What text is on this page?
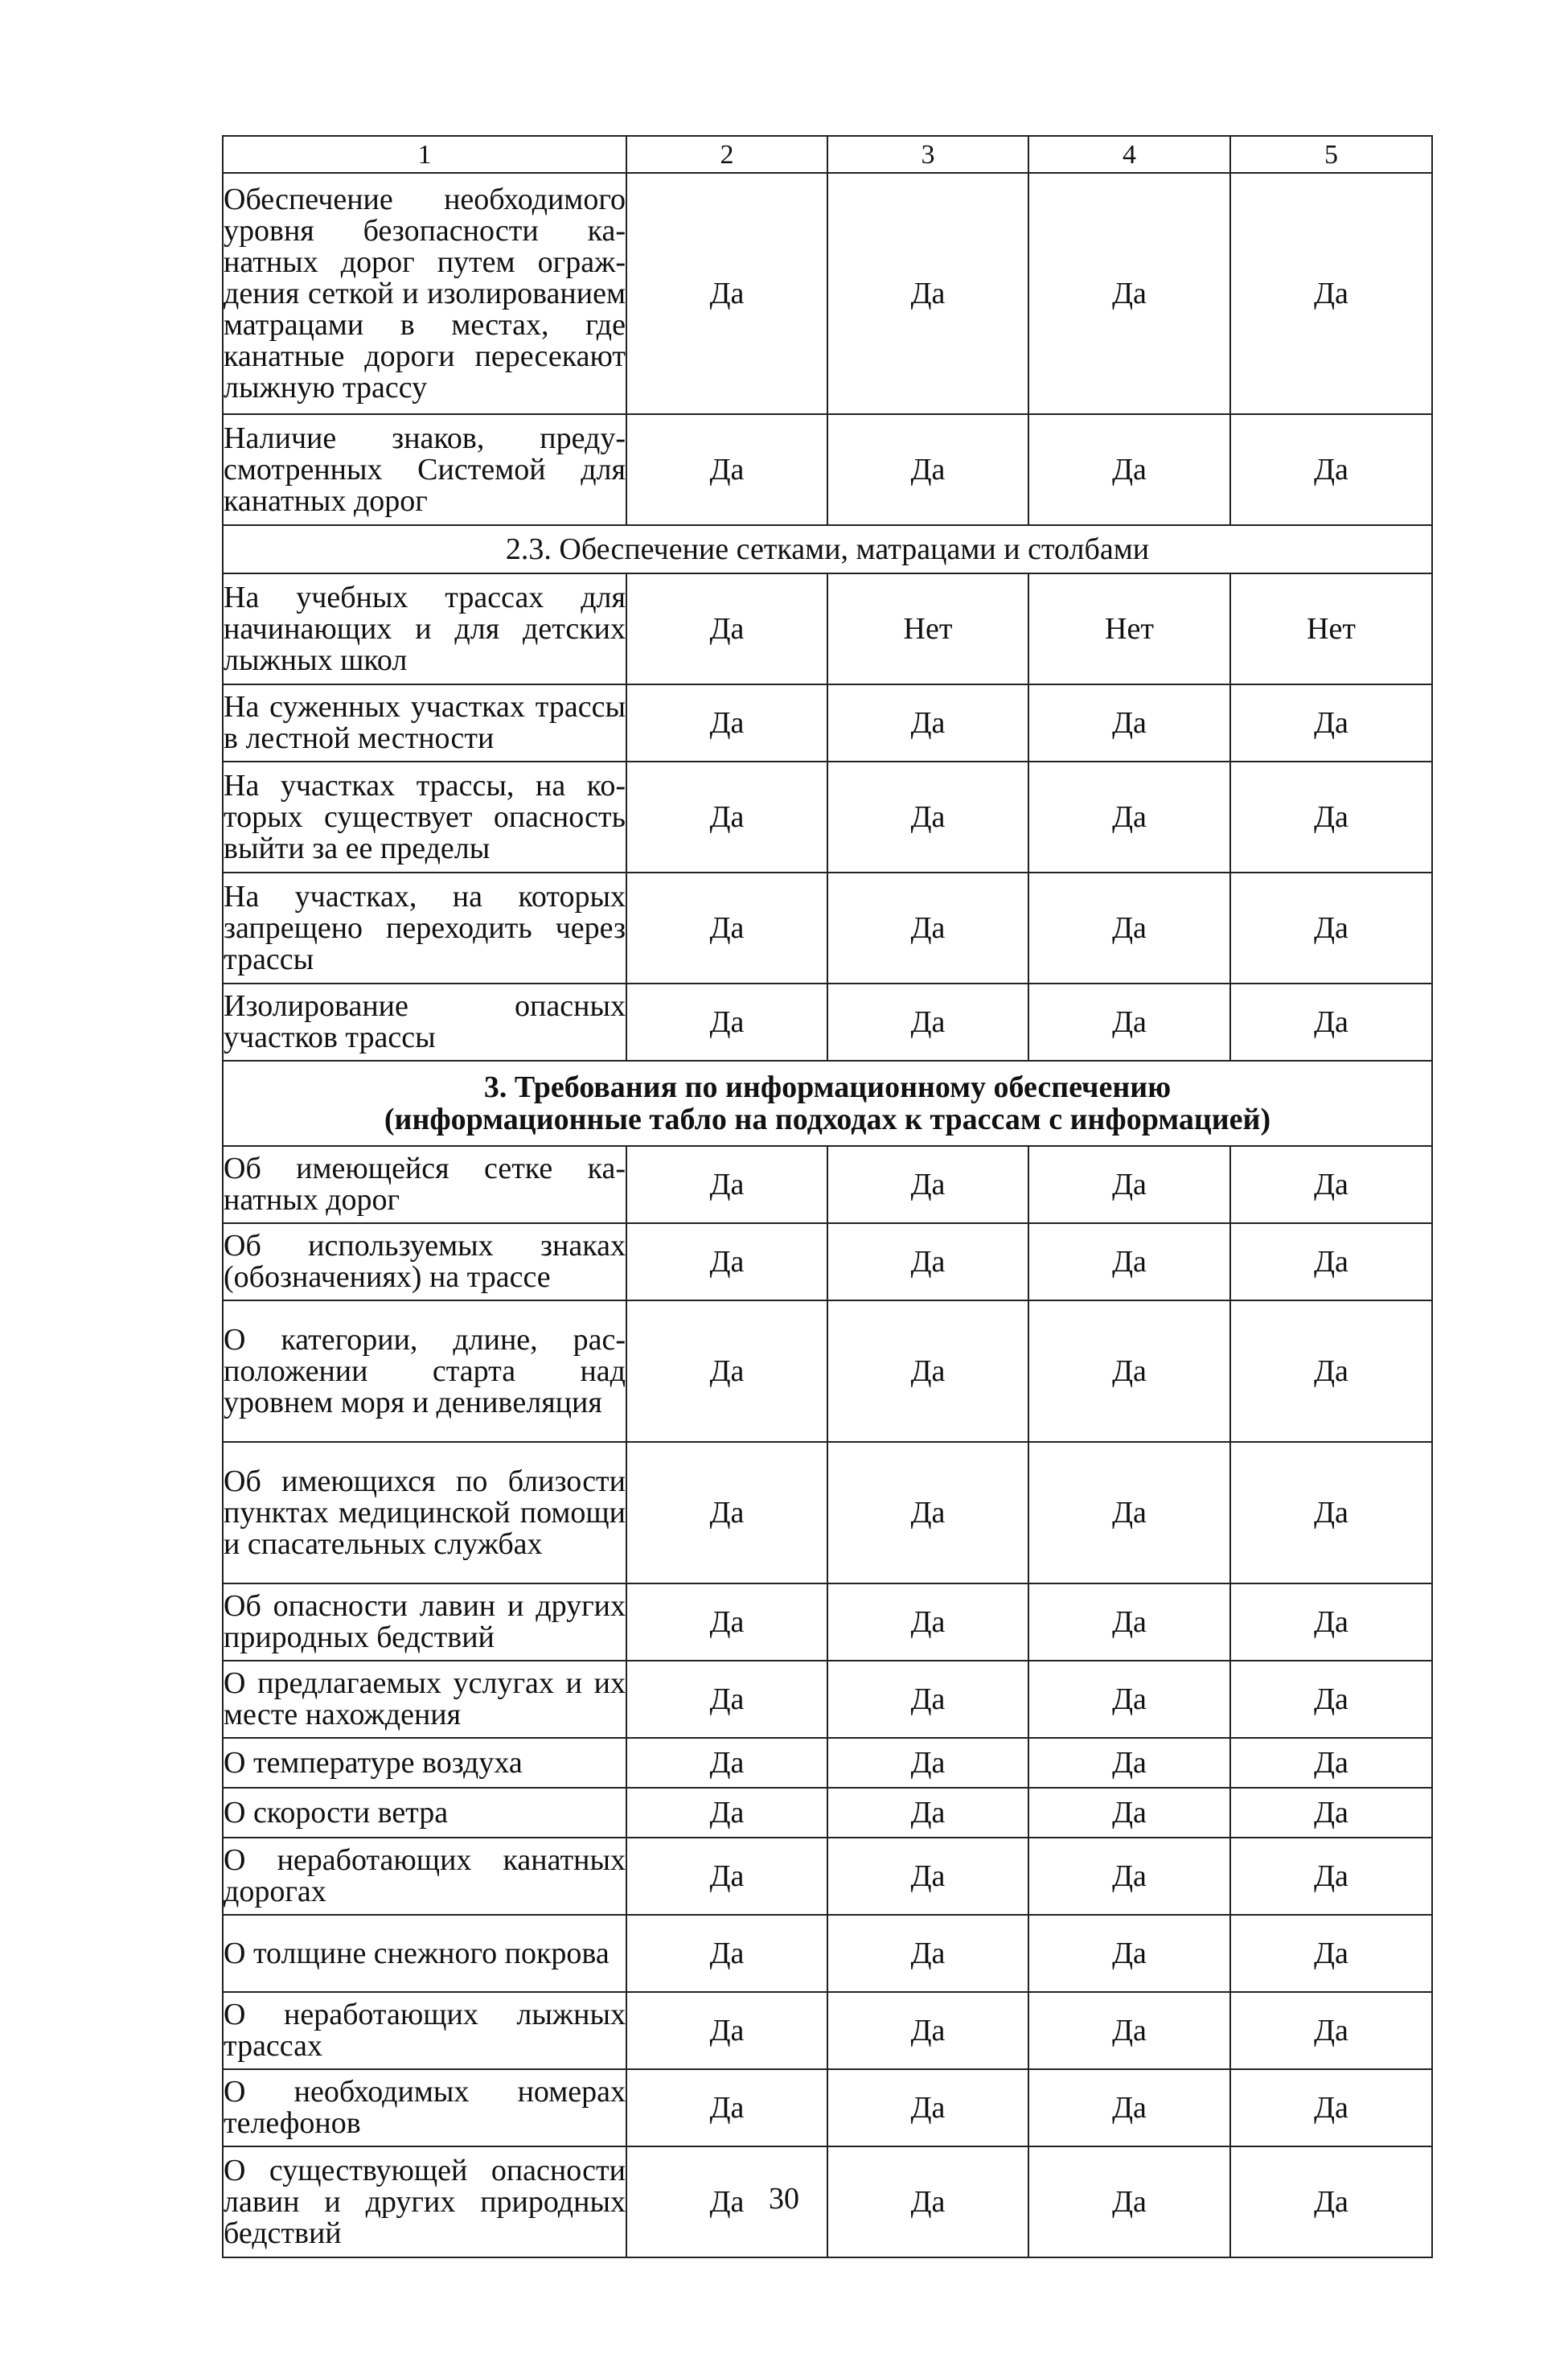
1	2	3	4	5
Обеспечение необходимого уровня безопасности канатных дорог путем ограждения сеткой и изолированием матрацами в местах, где канатные дороги пересекают лыжную трассу	Да	Да	Да	Да
Наличие знаков, предусмотренных Системой для канатных дорог	Да	Да	Да	Да
2.3. Обеспечение сетками, матрацами и столбами				
На учебных трассах для начинающих и для детских лыжных школ	Да	Нет	Нет	Нет
На суженных участках трассы в лестной местности	Да	Да	Да	Да
На участках трассы, на которых существует опасность выйти за ее пределы	Да	Да	Да	Да
На участках, на которых запрещено переходить через трассы	Да	Да	Да	Да
Изолирование опасных участков трассы	Да	Да	Да	Да

3. Требования по информационному обеспечению
(информационные табло на подходах к трассам с информацией)				

Об имеющейся сетке канатных дорог	Да	Да	Да	Да
Об используемых знаках (обозначениях) на трассе	Да	Да	Да	Да
О категории, длине, расположении старта над уровнем моря и денивeляция	Да	Да	Да	Да
Об имеющихся по близости пунктах медицинской помощи и спасательных службах	Да	Да	Да	Да
Об опасности лавин и других природных бедствий	Да	Да	Да	Да
О предлагаемых услугах и их месте нахождения	Да	Да	Да	Да
О температуре воздуха	Да	Да	Да	Да
О скорости ветра	Да	Да	Да	Да
О неработающих канатных дорогах	Да	Да	Да	Да
О толщине снежного покрова	Да	Да	Да	Да
О неработающих лыжных трассах	Да	Да	Да	Да
О необходимых номерах телефонов	Да	Да	Да	Да
О существующей опасности лавин и других природных бедствий	Да	Да	Да	Да
30
